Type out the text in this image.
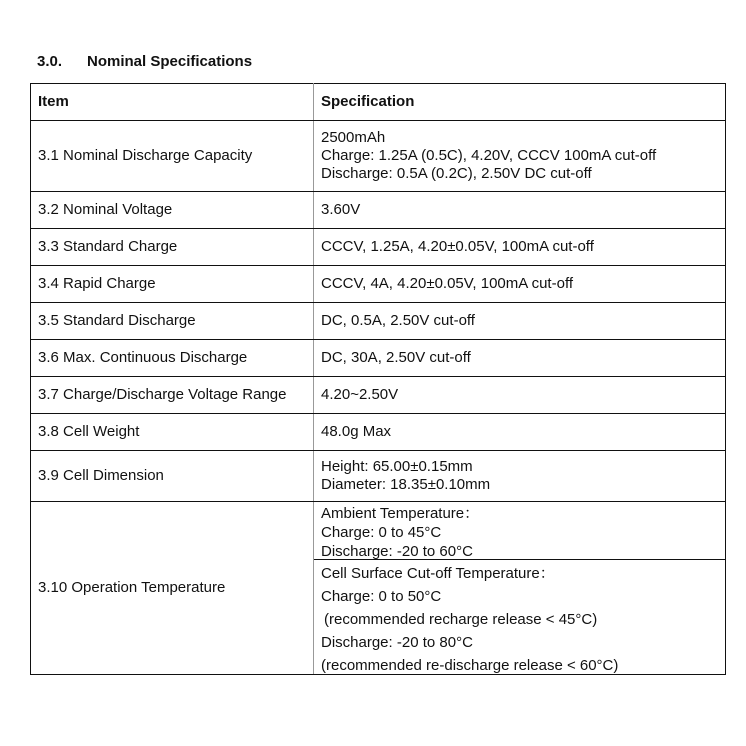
3.0. Nominal Specifications
Item	Specification
3.1 Nominal Discharge Capacity	2500mAh
Charge: 1.25A (0.5C), 4.20V, CCCV 100mA cut-off
Discharge: 0.5A (0.2C), 2.50V DC cut-off

3.2 Nominal Voltage	3.60V
3.3 Standard Charge	CCCV, 1.25A, 4.20±0.05V, 100mA cut-off
3.4 Rapid Charge	CCCV, 4A, 4.20±0.05V, 100mA cut-off
3.5 Standard Discharge	DC, 0.5A, 2.50V cut-off
3.6 Max. Continuous Discharge	DC, 30A, 2.50V cut-off
3.7 Charge/Discharge Voltage Range	4.20~2.50V
3.8 Cell Weight	48.0g Max
3.9 Cell Dimension	Height: 65.00±0.15mm
Diameter: 18.35±0.10mm

3.10 Operation Temperature	
Ambient Temperature：
Charge: 0 to 45°C
Discharge: -20 to 60°C
Cell Surface Cut-off Temperature：
Charge: 0 to 50°C
(recommended recharge release < 45°C)
Discharge: -20 to 80°C
(recommended re-discharge release < 60°C)
